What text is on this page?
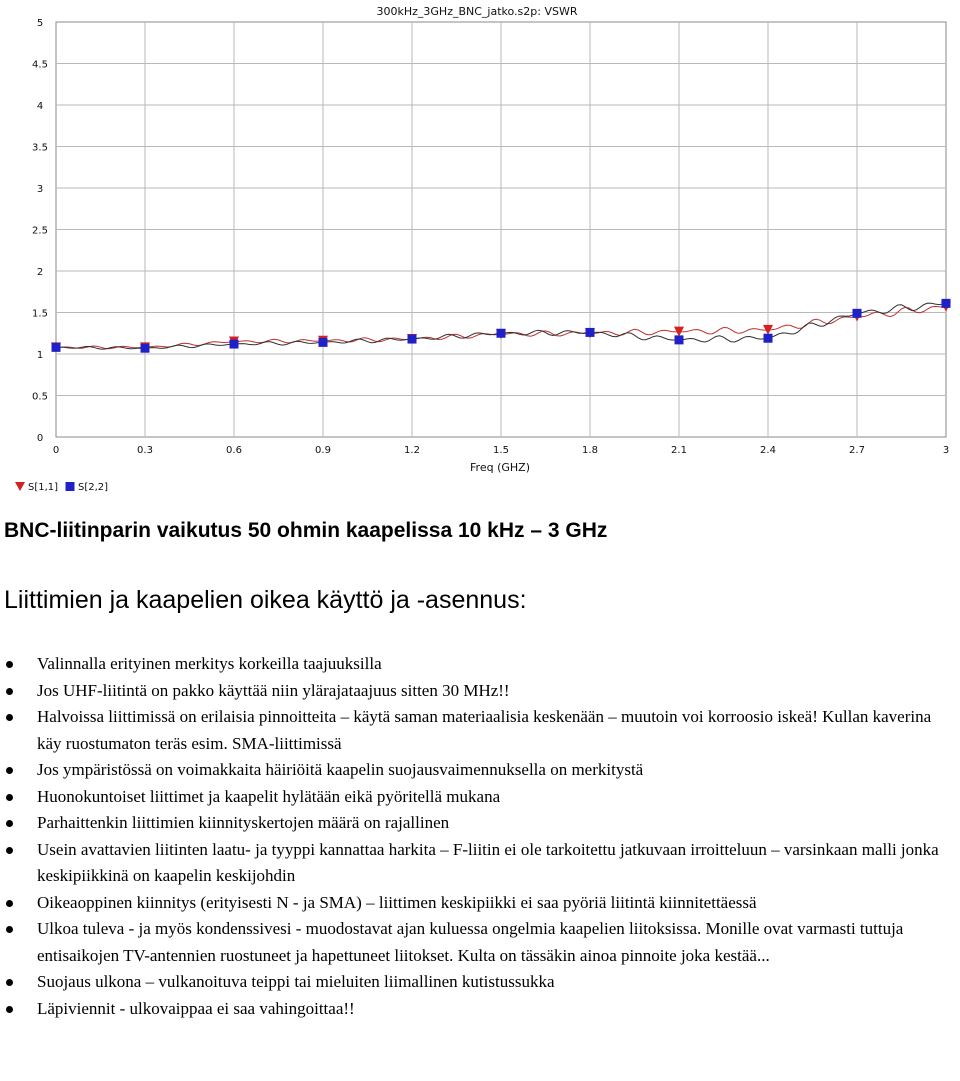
300kHz_3GHz_BNC_jatko.s2p: VSWR
0	0.3	0.6	0.9	1.2	1.5	1.8	2.1	2.4	2.7	3
0
0.5
1
1.5
2
2.5
3
3.5
4
4.5
5
Freq (GHZ)
S[1,1] S[2,2]
BNC-liitinparin vaikutus 50 ohmin kaapelissa 10 kHz – 3 GHz
Liittimien ja kaapelien oikea käyttö ja -asennus:
Valinnalla erityinen merkitys korkeilla taajuuksilla
Jos UHF-liitintä on pakko käyttää niin ylärajataajuus sitten 30 MHz!!
Halvoissa liittimissä on erilaisia pinnoitteita – käytä saman materiaalisia keskenään – muutoin voi korroosio iskeä! Kullan kaverina käy ruostumaton teräs esim. SMA-liittimissä
Jos ympäristössä on voimakkaita häiriöitä kaapelin suojausvaimennuksella on merkitystä
Huonokuntoiset liittimet ja kaapelit hylätään eikä pyöritellä mukana
Parhaittenkin liittimien kiinnityskertojen määrä on rajallinen
Usein avattavien liitinten laatu- ja tyyppi kannattaa harkita – F-liitin ei ole tarkoitettu jatkuvaan irroitteluun – varsinkaan malli jonka keskipiikkinä on kaapelin keskijohdin
Oikeaoppinen kiinnitys (erityisesti N - ja SMA) – liittimen keskipiikki ei saa pyöriä liitintä kiinnitettäessä
Ulkoa tuleva - ja myös kondenssivesi - muodostavat ajan kuluessa ongelmia kaapelien liitoksissa. Monille ovat varmasti tuttuja entisaikojen TV-antennien ruostuneet ja hapettuneet liitokset. Kulta on tässäkin ainoa pinnoite joka kestää...
Suojaus ulkona – vulkanoituva teippi tai mieluiten liimallinen kutistussukka
Läpiviennit - ulkovaippaa ei saa vahingoittaa!!
